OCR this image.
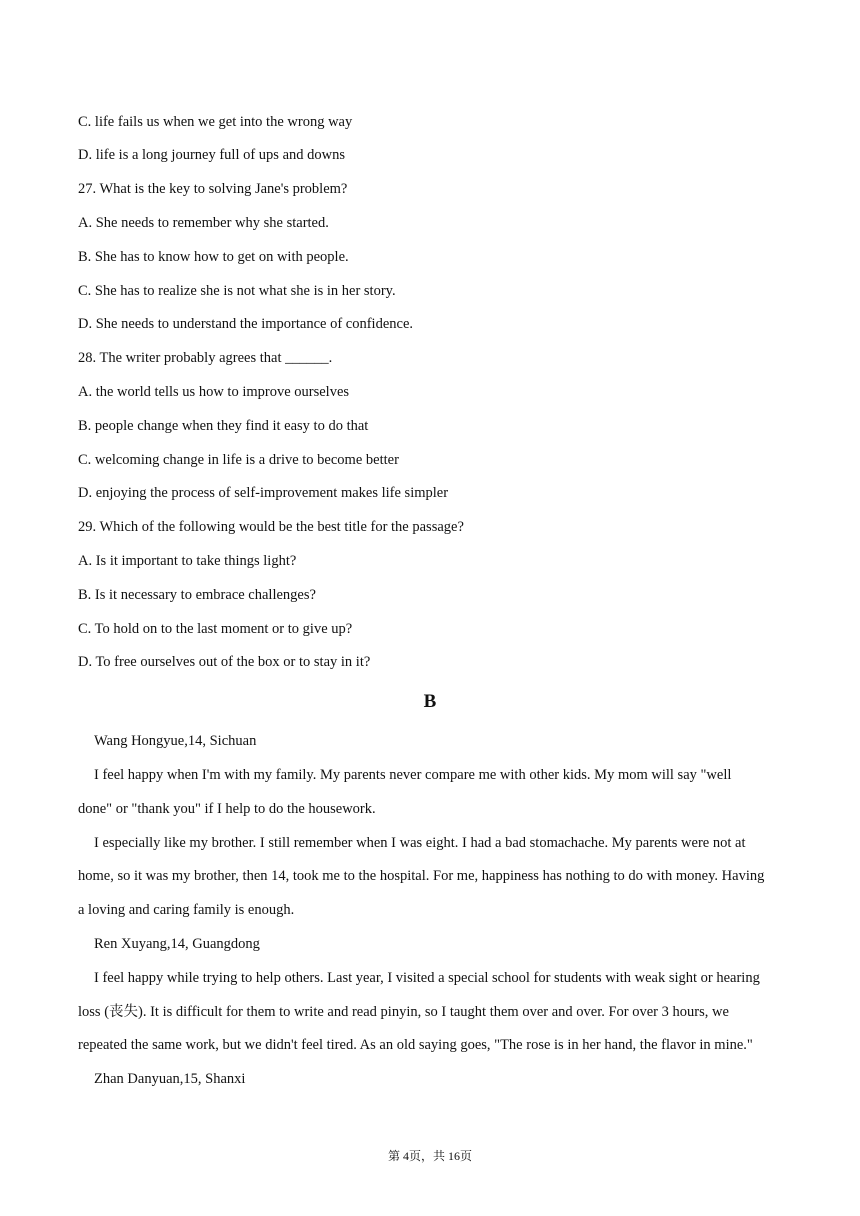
C. life fails us when we get into the wrong way
D. life is a long journey full of ups and downs
27. What is the key to solving Jane's problem?
A. She needs to remember why she started.
B. She has to know how to get on with people.
C. She has to realize she is not what she is in her story.
D. She needs to understand the importance of confidence.
28. The writer probably agrees that ______.
A. the world tells us how to improve ourselves
B. people change when they find it easy to do that
C. welcoming change in life is a drive to become better
D. enjoying the process of self-improvement makes life simpler
29. Which of the following would be the best title for the passage?
A. Is it important to take things light?
B. Is it necessary to embrace challenges?
C. To hold on to the last moment or to give up?
D. To free ourselves out of the box or to stay in it?
B
Wang Hongyue,14, Sichuan
I feel happy when I'm with my family. My parents never compare me with other kids. My mom will say "well
done" or "thank you" if I help to do the housework.
I especially like my brother. I still remember when I was eight. I had a bad stomachache. My parents were not at
home, so it was my brother, then 14, took me to the hospital. For me, happiness has nothing to do with money. Having
a loving and caring family is enough.
Ren Xuyang,14, Guangdong
I feel happy while trying to help others. Last year, I visited a special school for students with weak sight or hearing
loss (丧失). It is difficult for them to write and read pinyin, so I taught them over and over. For over 3 hours, we
repeated the same work, but we didn't feel tired. As an old saying goes, "The rose is in her hand, the flavor in mine."
Zhan Danyuan,15, Shanxi
第 4页，共 16页
